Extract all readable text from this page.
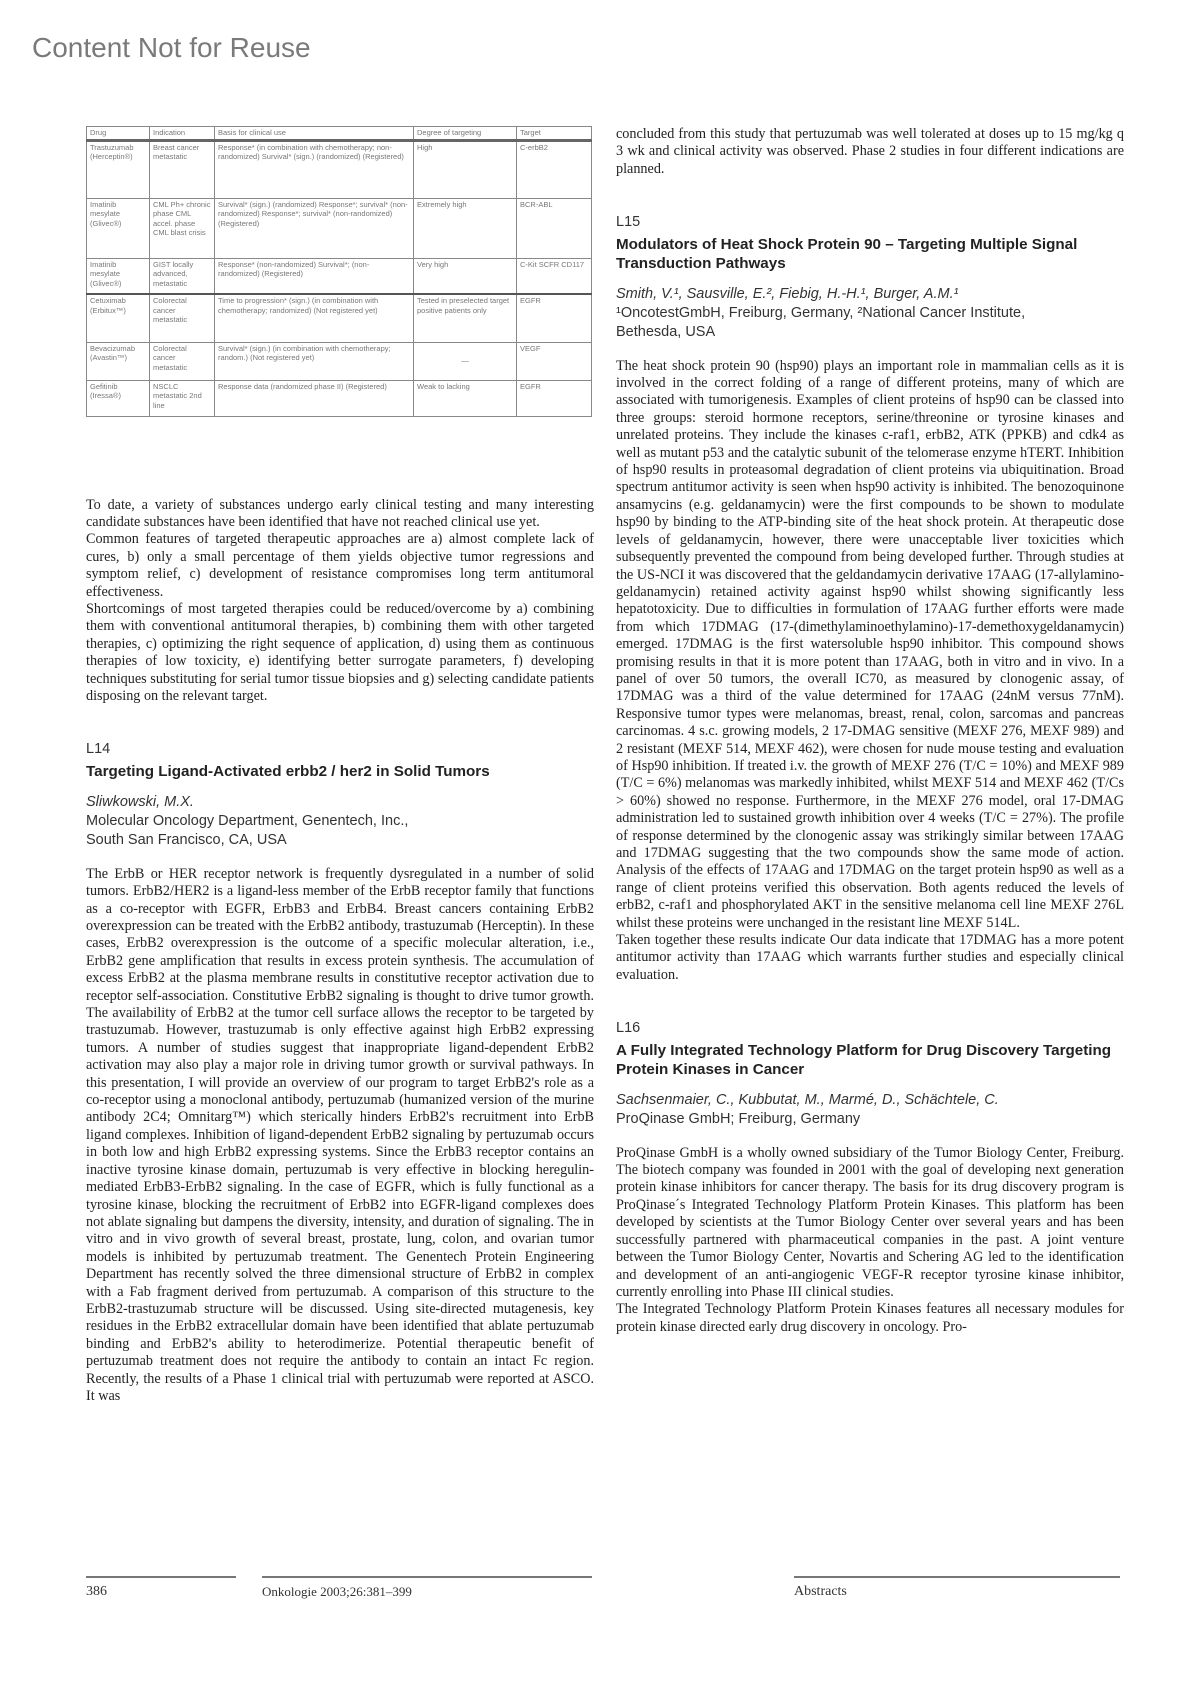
Content Not for Reuse
Drug	Indication	Basis for clinical use	Degree of targeting	Target
Trastuzumab (Herceptin®)	Breast cancer metastatic	Response* (in combination with chemotherapy; non-randomized) Survival* (sign.) (randomized) (Registered)	High	C-erbB2
Imatinib mesylate (Glivec®)	CML Ph+ chronic phase CML accel. phase CML blast crisis	Survival* (sign.) (randomized) Response*; survival* (non-randomized) Response*; survival* (non-randomized) (Registered)	Extremely high	BCR-ABL
Imatinib mesylate (Glivec®)	GIST locally advanced, metastatic	Response* (non-randomized) Survival*; (non-randomized) (Registered)	Very high	C-Kit SCFR CD117
Cetuximab (Erbitux™)	Colorectal cancer metastatic	Time to progression* (sign.) (in combination with chemotherapy; randomized) (Not registered yet)	Tested in preselected target positive patients only	EGFR
Bevacizumab (Avastin™)	Colorectal cancer metastatic	Survival* (sign.) (in combination with chemotherapy; random.) (Not registered yet)	—	VEGF
Gefitinib (Iressa®)	NSCLC metastatic 2nd line	Response data (randomized phase II) (Registered)	Weak to lacking	EGFR

To date, a variety of substances undergo early clinical testing and many interesting candidate substances have been identified that have not reached clinical use yet.

Common features of targeted therapeutic approaches are a) almost complete lack of cures, b) only a small percentage of them yields objective tumor regressions and symptom relief, c) development of resistance compromises long term antitumoral effectiveness.

Shortcomings of most targeted therapies could be reduced/overcome by a) combining them with conventional antitumoral therapies, b) combining them with other targeted therapies, c) optimizing the right sequence of application, d) using them as continuous therapies of low toxicity, e) identifying better surrogate parameters, f) developing techniques substituting for serial tumor tissue biopsies and g) selecting candidate patients disposing on the relevant target.

L14
Targeting Ligand-Activated erbb2 / her2 in Solid Tumors
Sliwkowski, M.X.
Molecular Oncology Department, Genentech, Inc.,
South San Francisco, CA, USA

The ErbB or HER receptor network is frequently dysregulated in a number of solid tumors. ErbB2/HER2 is a ligand-less member of the ErbB receptor family that functions as a co-receptor with EGFR, ErbB3 and ErbB4. Breast cancers containing ErbB2 overexpression can be treated with the ErbB2 antibody, trastuzumab (Herceptin). In these cases, ErbB2 overexpression is the outcome of a specific molecular alteration, i.e., ErbB2 gene amplification that results in excess protein synthesis. The accumulation of excess ErbB2 at the plasma membrane results in constitutive receptor activation due to receptor self-association. Constitutive ErbB2 signaling is thought to drive tumor growth. The availability of ErbB2 at the tumor cell surface allows the receptor to be targeted by trastuzumab. However, trastuzumab is only effective against high ErbB2 expressing tumors. A number of studies suggest that inappropriate ligand-dependent ErbB2 activation may also play a major role in driving tumor growth or survival pathways. In this presentation, I will provide an overview of our program to target ErbB2's role as a co-receptor using a monoclonal antibody, pertuzumab (humanized version of the murine antibody 2C4; Omnitarg™) which sterically hinders ErbB2's recruitment into ErbB ligand complexes. Inhibition of ligand-dependent ErbB2 signaling by pertuzumab occurs in both low and high ErbB2 expressing systems. Since the ErbB3 receptor contains an inactive tyrosine kinase domain, pertuzumab is very effective in blocking heregulin-mediated ErbB3-ErbB2 signaling. In the case of EGFR, which is fully functional as a tyrosine kinase, blocking the recruitment of ErbB2 into EGFR-ligand complexes does not ablate signaling but dampens the diversity, intensity, and duration of signaling. The in vitro and in vivo growth of several breast, prostate, lung, colon, and ovarian tumor models is inhibited by pertuzumab treatment. The Genentech Protein Engineering Department has recently solved the three dimensional structure of ErbB2 in complex with a Fab fragment derived from pertuzumab. A comparison of this structure to the ErbB2-trastuzumab structure will be discussed. Using site-directed mutagenesis, key residues in the ErbB2 extracellular domain have been identified that ablate pertuzumab binding and ErbB2's ability to heterodimerize. Potential therapeutic benefit of pertuzumab treatment does not require the antibody to contain an intact Fc region. Recently, the results of a Phase 1 clinical trial with pertuzumab were reported at ASCO. It was

concluded from this study that pertuzumab was well tolerated at doses up to 15 mg/kg q 3 wk and clinical activity was observed. Phase 2 studies in four different indications are planned.

L15
Modulators of Heat Shock Protein 90 – Targeting Multiple Signal Transduction Pathways
Smith, V.¹, Sausville, E.², Fiebig, H.-H.¹, Burger, A.M.¹
¹OncotestGmbH, Freiburg, Germany, ²National Cancer Institute,
Bethesda, USA

The heat shock protein 90 (hsp90) plays an important role in mammalian cells as it is involved in the correct folding of a range of different proteins, many of which are associated with tumorigenesis. Examples of client proteins of hsp90 can be classed into three groups: steroid hormone receptors, serine/threonine or tyrosine kinases and unrelated proteins. They include the kinases c-raf1, erbB2, ATK (PPKB) and cdk4 as well as mutant p53 and the catalytic subunit of the telomerase enzyme hTERT. Inhibition of hsp90 results in proteasomal degradation of client proteins via ubiquitination. Broad spectrum antitumor activity is seen when hsp90 activity is inhibited. The benozoquinone ansamycins (e.g. geldanamycin) were the first compounds to be shown to modulate hsp90 by binding to the ATP-binding site of the heat shock protein. At therapeutic dose levels of geldanamycin, however, there were unacceptable liver toxicities which subsequently prevented the compound from being developed further. Through studies at the US-NCI it was discovered that the geldandamycin derivative 17AAG (17-allylamino-geldanamycin) retained activity against hsp90 whilst showing significantly less hepatotoxicity. Due to difficulties in formulation of 17AAG further efforts were made from which 17DMAG (17-(dimethylaminoethylamino)-17-demethoxygeldanamycin) emerged. 17DMAG is the first watersoluble hsp90 inhibitor. This compound shows promising results in that it is more potent than 17AAG, both in vitro and in vivo. In a panel of over 50 tumors, the overall IC70, as measured by clonogenic assay, of 17DMAG was a third of the value determined for 17AAG (24nM versus 77nM). Responsive tumor types were melanomas, breast, renal, colon, sarcomas and pancreas carcinomas. 4 s.c. growing models, 2 17-DMAG sensitive (MEXF 276, MEXF 989) and 2 resistant (MEXF 514, MEXF 462), were chosen for nude mouse testing and evaluation of Hsp90 inhibition. If treated i.v. the growth of MEXF 276 (T/C = 10%) and MEXF 989 (T/C = 6%) melanomas was markedly inhibited, whilst MEXF 514 and MEXF 462 (T/Cs > 60%) showed no response. Furthermore, in the MEXF 276 model, oral 17-DMAG administration led to sustained growth inhibition over 4 weeks (T/C = 27%). The profile of response determined by the clonogenic assay was strikingly similar between 17AAG and 17DMAG suggesting that the two compounds show the same mode of action. Analysis of the effects of 17AAG and 17DMAG on the target protein hsp90 as well as a range of client proteins verified this observation. Both agents reduced the levels of erbB2, c-raf1 and phosphorylated AKT in the sensitive melanoma cell line MEXF 276L whilst these proteins were unchanged in the resistant line MEXF 514L.

Taken together these results indicate Our data indicate that 17DMAG has a more potent antitumor activity than 17AAG which warrants further studies and especially clinical evaluation.

L16
A Fully Integrated Technology Platform for Drug Discovery Targeting Protein Kinases in Cancer
Sachsenmaier, C., Kubbutat, M., Marmé, D., Schächtele, C.
ProQinase GmbH; Freiburg, Germany

ProQinase GmbH is a wholly owned subsidiary of the Tumor Biology Center, Freiburg. The biotech company was founded in 2001 with the goal of developing next generation protein kinase inhibitors for cancer therapy. The basis for its drug discovery program is ProQinase´s Integrated Technology Platform Protein Kinases. This platform has been developed by scientists at the Tumor Biology Center over several years and has been successfully partnered with pharmaceutical companies in the past. A joint venture between the Tumor Biology Center, Novartis and Schering AG led to the identification and development of an anti-angiogenic VEGF-R receptor tyrosine kinase inhibitor, currently enrolling into Phase III clinical studies.

The Integrated Technology Platform Protein Kinases features all necessary modules for protein kinase directed early drug discovery in oncology. Pro-

386	Onkologie 2003;26:381–399	Abstracts
